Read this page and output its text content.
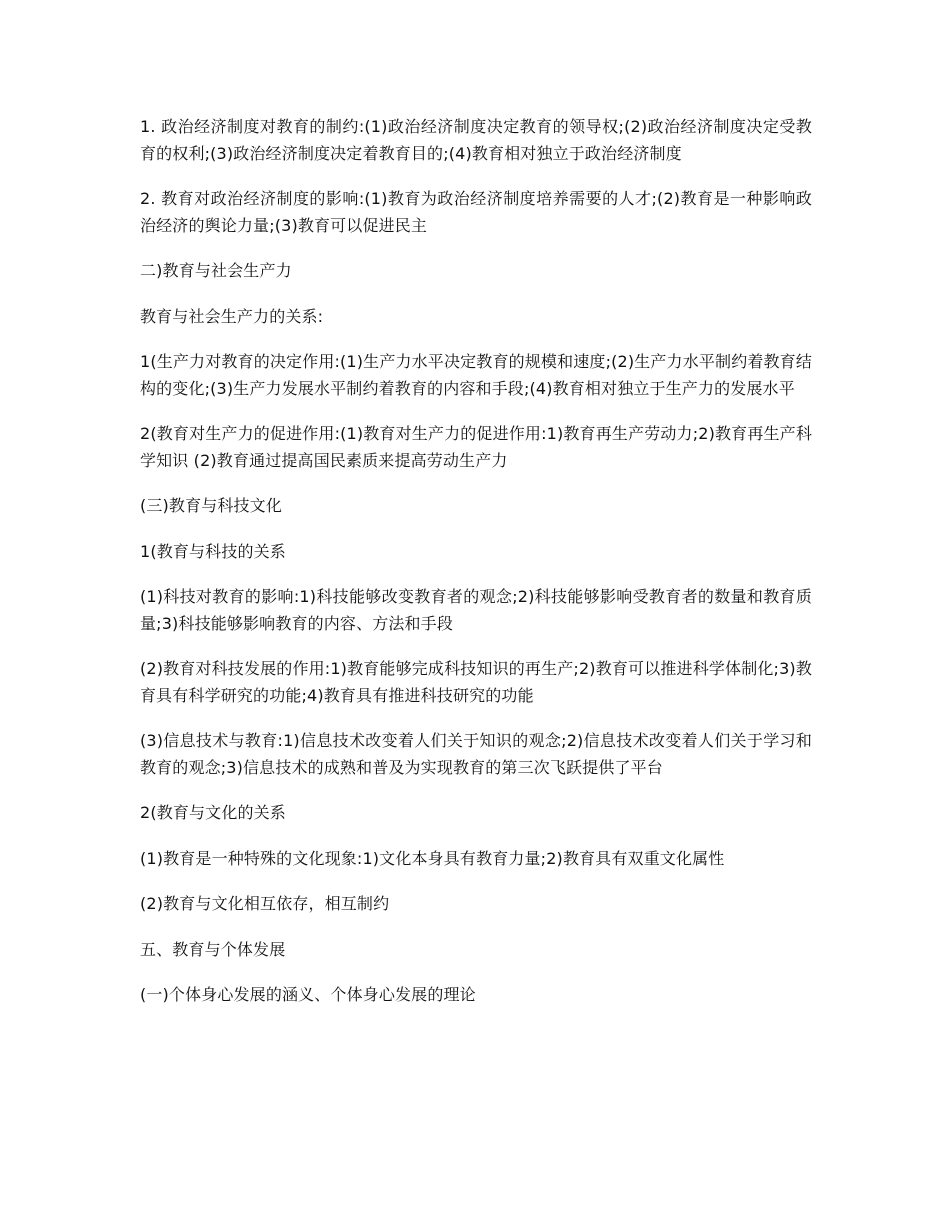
1. 政治经济制度对教育的制约:(1)政治经济制度决定教育的领导权;(2)政治经济制度决定受教育的权利;(3)政治经济制度决定着教育目的;(4)教育相对独立于政治经济制度

2. 教育对政治经济制度的影响:(1)教育为政治经济制度培养需要的人才;(2)教育是一种影响政治经济的舆论力量;(3)教育可以促进民主

二)教育与社会生产力

教育与社会生产力的关系:

1(生产力对教育的决定作用:(1)生产力水平决定教育的规模和速度;(2)生产力水平制约着教育结构的变化;(3)生产力发展水平制约着教育的内容和手段;(4)教育相对独立于生产力的发展水平

2(教育对生产力的促进作用:(1)教育对生产力的促进作用:1)教育再生产劳动力;2)教育再生产科学知识 (2)教育通过提高国民素质来提高劳动生产力

(三)教育与科技文化

1(教育与科技的关系

(1)科技对教育的影响:1)科技能够改变教育者的观念;2)科技能够影响受教育者的数量和教育质量;3)科技能够影响教育的内容、方法和手段

(2)教育对科技发展的作用:1)教育能够完成科技知识的再生产;2)教育可以推进科学体制化;3)教育具有科学研究的功能;4)教育具有推进科技研究的功能

(3)信息技术与教育:1)信息技术改变着人们关于知识的观念;2)信息技术改变着人们关于学习和教育的观念;3)信息技术的成熟和普及为实现教育的第三次飞跃提供了平台

2(教育与文化的关系

(1)教育是一种特殊的文化现象:1)文化本身具有教育力量;2)教育具有双重文化属性

(2)教育与文化相互依存，相互制约

五、教育与个体发展

(一)个体身心发展的涵义、个体身心发展的理论
